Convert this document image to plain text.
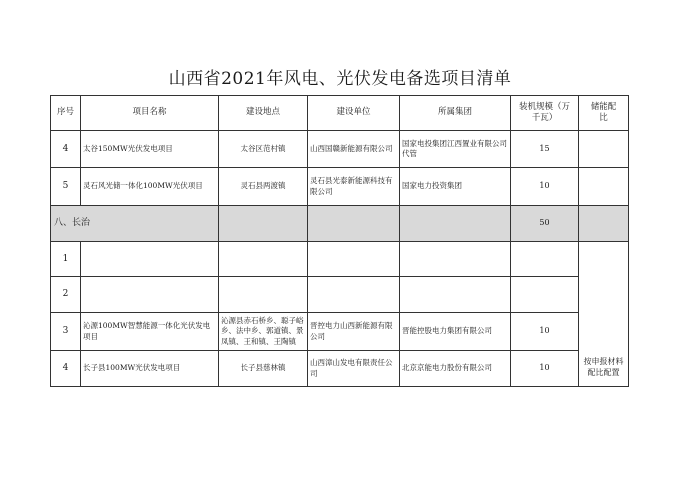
山西省2021年风电、光伏发电备选项目清单
序号	项目名称	建设地点	建设单位	所属集团	装机规模（万千瓦）	储能配比
4	太谷150MW光伏发电项目	太谷区范村镇	山西国赣新能源有限公司	国家电投集团江西置业有限公司代管	15	
5	灵石风光储一体化100MW光伏项目	灵石县两渡镇	灵石县光泰新能源科技有限公司	国家电力投资集团	10	
八、长治					50	
1						按申报材料配比配置
2						
3	沁源100MW智慧能源一体化光伏发电项目	沁源县赤石桥乡、聪子峪乡、法中乡、郭道镇、景凤镇、王和镇、王陶镇	晋控电力山西新能源有限公司	晋能控股电力集团有限公司	10	
4	长子县100MW光伏发电项目	长子县慈林镇	山西漳山发电有限责任公司	北京京能电力股份有限公司	10	
